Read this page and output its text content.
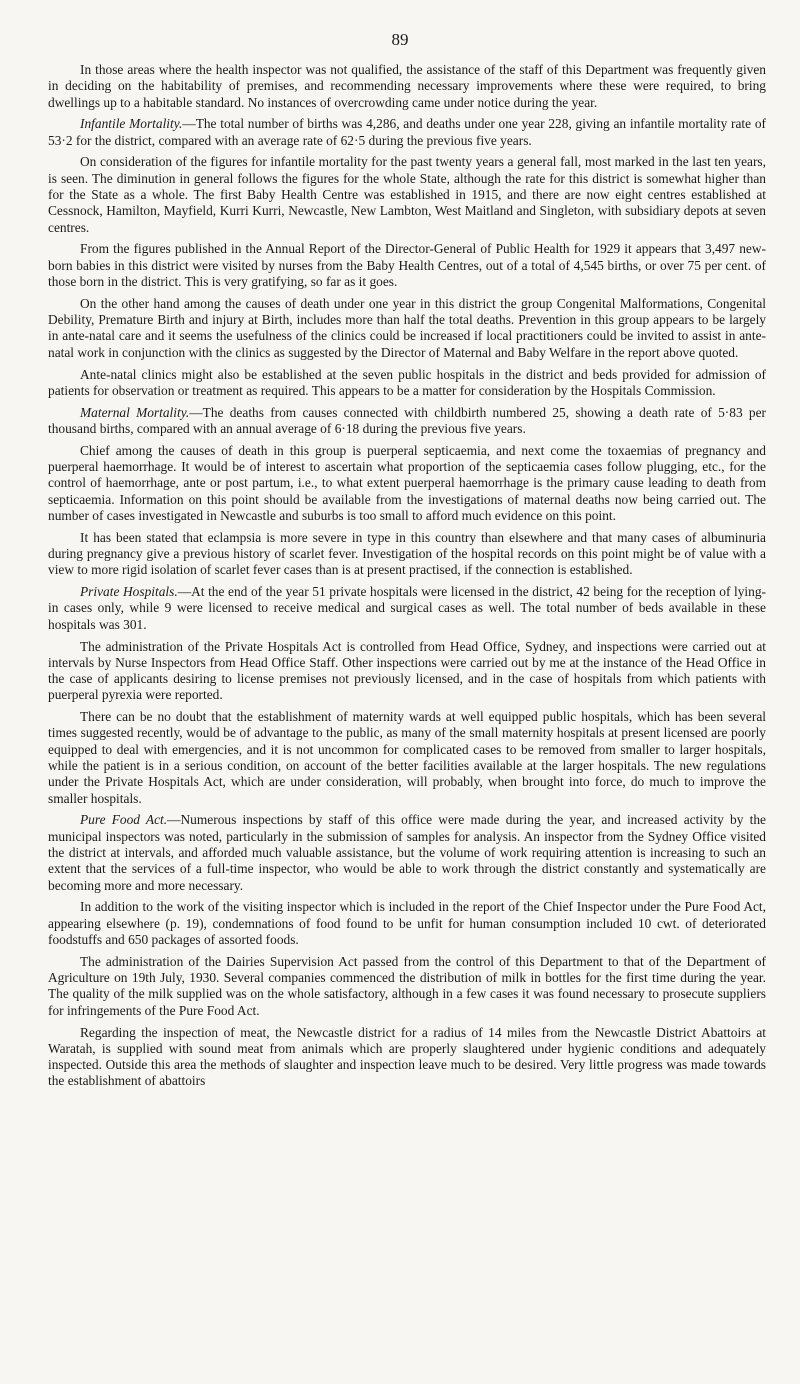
89

In those areas where the health inspector was not qualified, the assistance of the staff of this Department was frequently given in deciding on the habitability of premises, and recommending necessary improvements where these were required, to bring dwellings up to a habitable standard. No instances of overcrowding came under notice during the year.

Infantile Mortality.—The total number of births was 4,286, and deaths under one year 228, giving an infantile mortality rate of 53·2 for the district, compared with an average rate of 62·5 during the previous five years.

On consideration of the figures for infantile mortality for the past twenty years a general fall, most marked in the last ten years, is seen. The diminution in general follows the figures for the whole State, although the rate for this district is somewhat higher than for the State as a whole. The first Baby Health Centre was established in 1915, and there are now eight centres established at Cessnock, Hamilton, Mayfield, Kurri Kurri, Newcastle, New Lambton, West Maitland and Singleton, with subsidiary depots at seven centres.

From the figures published in the Annual Report of the Director-General of Public Health for 1929 it appears that 3,497 new-born babies in this district were visited by nurses from the Baby Health Centres, out of a total of 4,545 births, or over 75 per cent. of those born in the district. This is very gratifying, so far as it goes.

On the other hand among the causes of death under one year in this district the group Congenital Malformations, Congenital Debility, Premature Birth and injury at Birth, includes more than half the total deaths. Prevention in this group appears to be largely in ante-natal care and it seems the usefulness of the clinics could be increased if local practitioners could be invited to assist in ante-natal work in conjunction with the clinics as suggested by the Director of Maternal and Baby Welfare in the report above quoted.

Ante-natal clinics might also be established at the seven public hospitals in the district and beds provided for admission of patients for observation or treatment as required. This appears to be a matter for consideration by the Hospitals Commission.

Maternal Mortality.—The deaths from causes connected with childbirth numbered 25, showing a death rate of 5·83 per thousand births, compared with an annual average of 6·18 during the previous five years.

Chief among the causes of death in this group is puerperal septicaemia, and next come the toxaemias of pregnancy and puerperal haemorrhage. It would be of interest to ascertain what proportion of the septicaemia cases follow plugging, etc., for the control of haemorrhage, ante or post partum, i.e., to what extent puerperal haemorrhage is the primary cause leading to death from septicaemia. Information on this point should be available from the investigations of maternal deaths now being carried out. The number of cases investigated in Newcastle and suburbs is too small to afford much evidence on this point.

It has been stated that eclampsia is more severe in type in this country than elsewhere and that many cases of albuminuria during pregnancy give a previous history of scarlet fever. Investigation of the hospital records on this point might be of value with a view to more rigid isolation of scarlet fever cases than is at present practised, if the connection is established.

Private Hospitals.—At the end of the year 51 private hospitals were licensed in the district, 42 being for the reception of lying-in cases only, while 9 were licensed to receive medical and surgical cases as well. The total number of beds available in these hospitals was 301.

The administration of the Private Hospitals Act is controlled from Head Office, Sydney, and inspections were carried out at intervals by Nurse Inspectors from Head Office Staff. Other inspections were carried out by me at the instance of the Head Office in the case of applicants desiring to license premises not previously licensed, and in the case of hospitals from which patients with puerperal pyrexia were reported.

There can be no doubt that the establishment of maternity wards at well equipped public hospitals, which has been several times suggested recently, would be of advantage to the public, as many of the small maternity hospitals at present licensed are poorly equipped to deal with emergencies, and it is not uncommon for complicated cases to be removed from smaller to larger hospitals, while the patient is in a serious condition, on account of the better facilities available at the larger hospitals. The new regulations under the Private Hospitals Act, which are under consideration, will probably, when brought into force, do much to improve the smaller hospitals.

Pure Food Act.—Numerous inspections by staff of this office were made during the year, and increased activity by the municipal inspectors was noted, particularly in the submission of samples for analysis. An inspector from the Sydney Office visited the district at intervals, and afforded much valuable assistance, but the volume of work requiring attention is increasing to such an extent that the services of a full-time inspector, who would be able to work through the district constantly and systematically are becoming more and more necessary.

In addition to the work of the visiting inspector which is included in the report of the Chief Inspector under the Pure Food Act, appearing elsewhere (p. 19), condemnations of food found to be unfit for human consumption included 10 cwt. of deteriorated foodstuffs and 650 packages of assorted foods.

The administration of the Dairies Supervision Act passed from the control of this Department to that of the Department of Agriculture on 19th July, 1930. Several companies commenced the distribution of milk in bottles for the first time during the year. The quality of the milk supplied was on the whole satisfactory, although in a few cases it was found necessary to prosecute suppliers for infringements of the Pure Food Act.

Regarding the inspection of meat, the Newcastle district for a radius of 14 miles from the Newcastle District Abattoirs at Waratah, is supplied with sound meat from animals which are properly slaughtered under hygienic conditions and adequately inspected. Outside this area the methods of slaughter and inspection leave much to be desired. Very little progress was made towards the establishment of abattoirs
